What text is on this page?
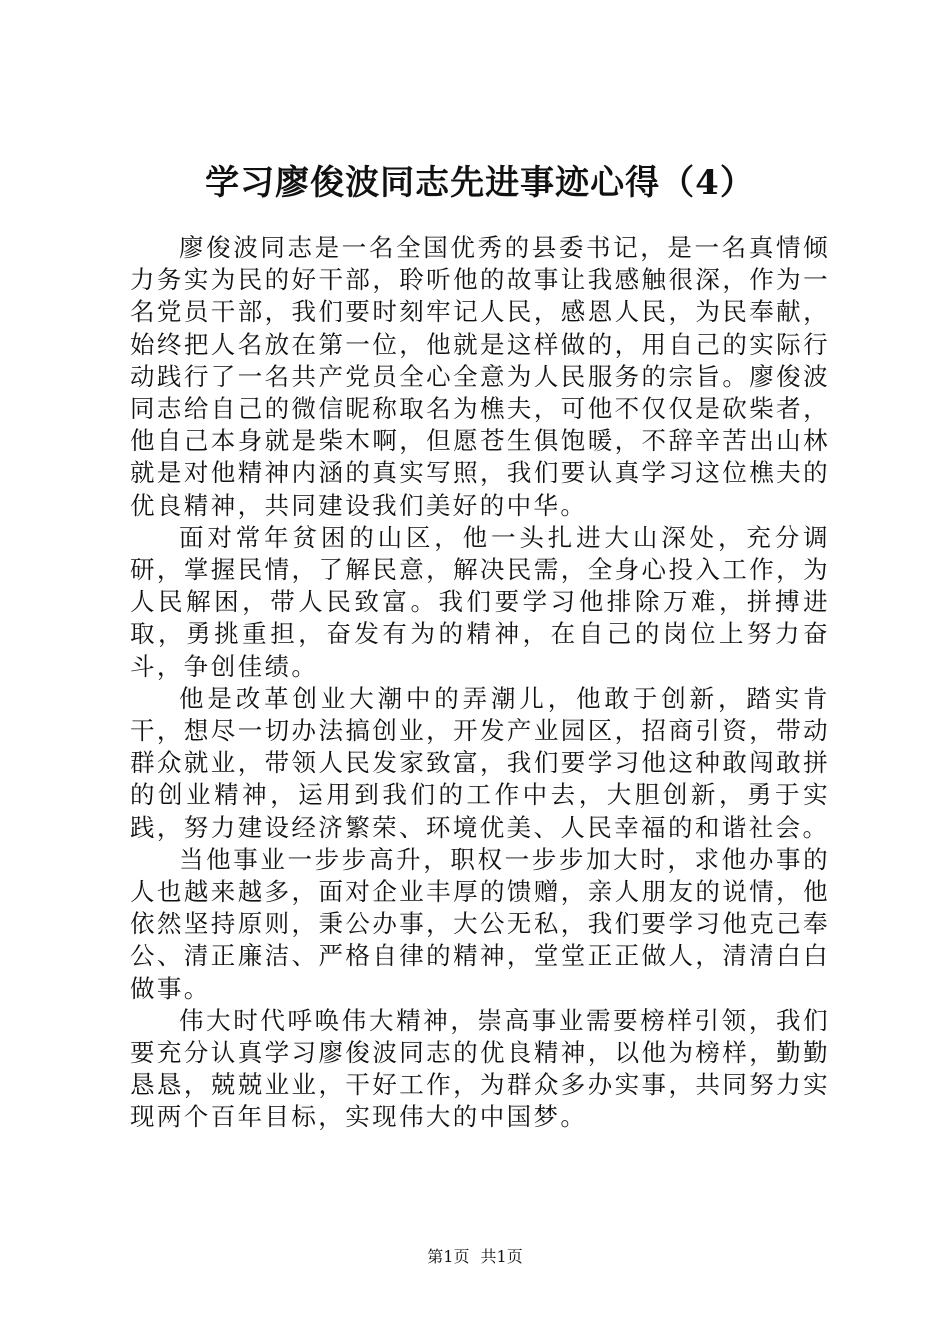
学习廖俊波同志先进事迹心得（4）

廖俊波同志是一名全国优秀的县委书记，是一名真情倾力务实为民的好干部，聆听他的故事让我感触很深，作为一名党员干部，我们要时刻牢记人民，感恩人民，为民奉献，始终把人名放在第一位，他就是这样做的，用自己的实际行动践行了一名共产党员全心全意为人民服务的宗旨。廖俊波同志给自己的微信昵称取名为樵夫，可他不仅仅是砍柴者，他自己本身就是柴木啊，但愿苍生俱饱暖，不辞辛苦出山林就是对他精神内涵的真实写照，我们要认真学习这位樵夫的优良精神，共同建设我们美好的中华。

面对常年贫困的山区，他一头扎进大山深处，充分调研，掌握民情，了解民意，解决民需，全身心投入工作，为人民解困，带人民致富。我们要学习他排除万难，拼搏进取，勇挑重担，奋发有为的精神，在自己的岗位上努力奋斗，争创佳绩。

他是改革创业大潮中的弄潮儿，他敢于创新，踏实肯干，想尽一切办法搞创业，开发产业园区，招商引资，带动群众就业，带领人民发家致富，我们要学习他这种敢闯敢拼的创业精神，运用到我们的工作中去，大胆创新，勇于实践，努力建设经济繁荣、环境优美、人民幸福的和谐社会。

当他事业一步步高升，职权一步步加大时，求他办事的人也越来越多，面对企业丰厚的馈赠，亲人朋友的说情，他依然坚持原则，秉公办事，大公无私，我们要学习他克己奉公、清正廉洁、严格自律的精神，堂堂正正做人，清清白白做事。

伟大时代呼唤伟大精神，崇高事业需要榜样引领，我们要充分认真学习廖俊波同志的优良精神，以他为榜样，勤勤恳恳，兢兢业业，干好工作，为群众多办实事，共同努力实现两个百年目标，实现伟大的中国梦。

第1页 共1页
